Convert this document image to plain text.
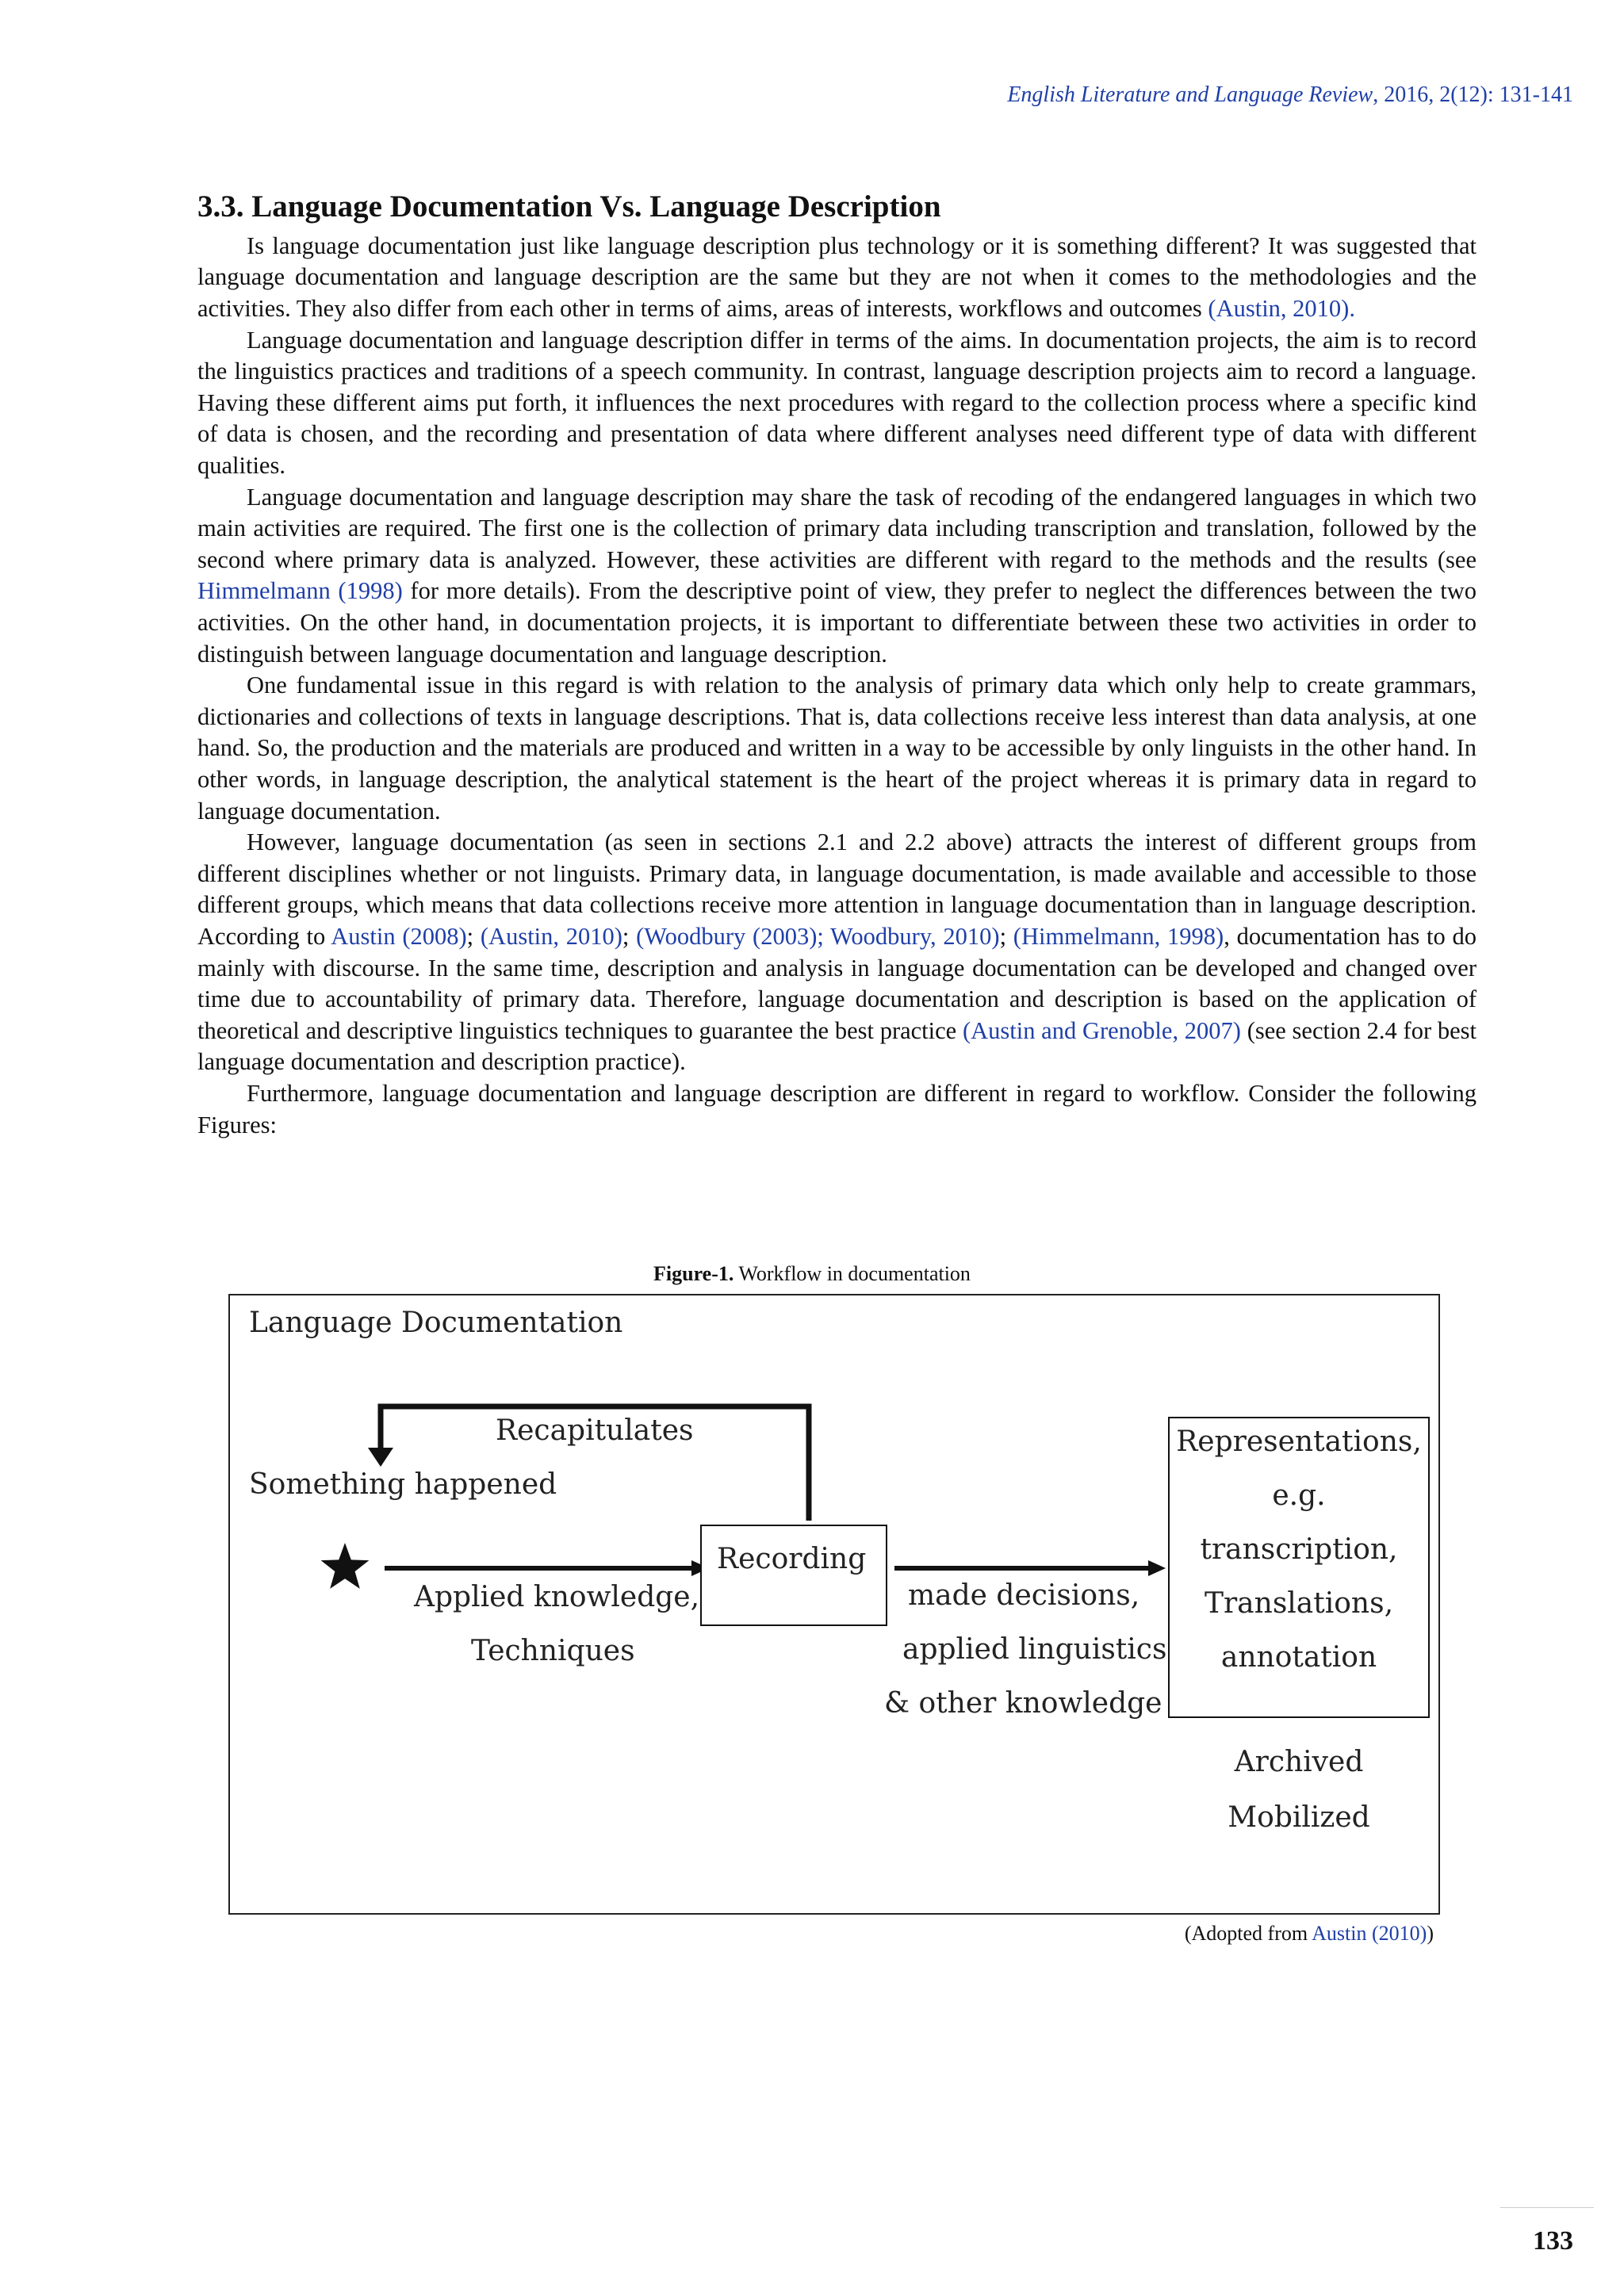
English Literature and Language Review, 2016, 2(12): 131-141
3.3. Language Documentation Vs. Language Description

Is language documentation just like language description plus technology or it is something different? It was suggested that language documentation and language description are the same but they are not when it comes to the methodologies and the activities. They also differ from each other in terms of aims, areas of interests, workflows and outcomes (Austin, 2010).

Language documentation and language description differ in terms of the aims. In documentation projects, the aim is to record the linguistics practices and traditions of a speech community. In contrast, language description projects aim to record a language. Having these different aims put forth, it influences the next procedures with regard to the collection process where a specific kind of data is chosen, and the recording and presentation of data where different analyses need different type of data with different qualities.

Language documentation and language description may share the task of recoding of the endangered languages in which two main activities are required. The first one is the collection of primary data including transcription and translation, followed by the second where primary data is analyzed. However, these activities are different with regard to the methods and the results (see Himmelmann (1998) for more details). From the descriptive point of view, they prefer to neglect the differences between the two activities. On the other hand, in documentation projects, it is important to differentiate between these two activities in order to distinguish between language documentation and language description.

One fundamental issue in this regard is with relation to the analysis of primary data which only help to create grammars, dictionaries and collections of texts in language descriptions. That is, data collections receive less interest than data analysis, at one hand. So, the production and the materials are produced and written in a way to be accessible by only linguists in the other hand. In other words, in language description, the analytical statement is the heart of the project whereas it is primary data in regard to language documentation.

However, language documentation (as seen in sections 2.1 and 2.2 above) attracts the interest of different groups from different disciplines whether or not linguists. Primary data, in language documentation, is made available and accessible to those different groups, which means that data collections receive more attention in language documentation than in language description. According to Austin (2008); (Austin, 2010); (Woodbury (2003); Woodbury, 2010); (Himmelmann, 1998), documentation has to do mainly with discourse. In the same time, description and analysis in language documentation can be developed and changed over time due to accountability of primary data. Therefore, language documentation and description is based on the application of theoretical and descriptive linguistics techniques to guarantee the best practice (Austin and Grenoble, 2007) (see section 2.4 for best language documentation and description practice).

Furthermore, language documentation and language description are different in regard to workflow. Consider the following Figures:

Figure-1. Workflow in documentation
Language Documentation
Recapitulates
Something happened
Applied knowledge,
Techniques
Recording
made decisions,
applied linguistics
& other knowledge
Representations,
e.g.
transcription,
Translations,
annotation
Archived
Mobilized
(Adopted from Austin (2010))
133
